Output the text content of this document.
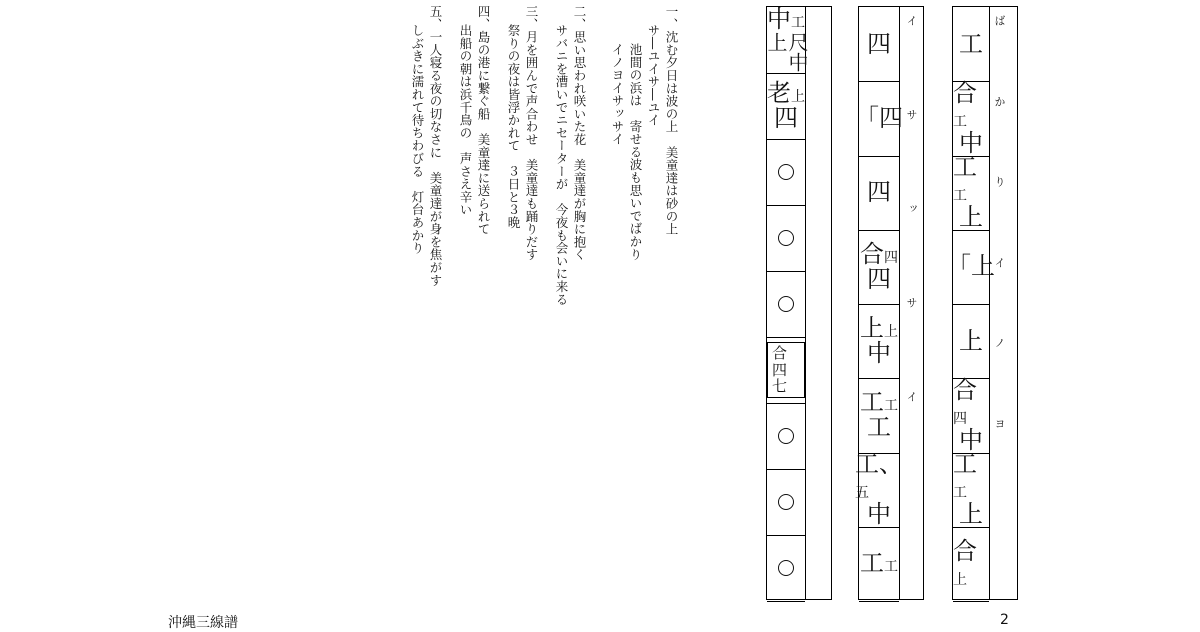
一、沈む夕日は波の上　美童達は砂の上
サ―ユイサ―ユイ
池間の浜は　寄せる波も思いでばかり
イノヨイサッサイ
二、思い思われ咲いた花　美童達が胸に抱く
サバニを漕いでニセーターが　今夜も会いに来る
三、月を囲んで声合わせ　美童達も踊りだす
祭りの夜は皆浮かれて　３日と３晩
四、島の港に繋ぐ船　美童達に送られて
出船の朝は浜千鳥の　声さえ辛い
五、一人寝る夜の切なさに　美童達が身を焦がす
しぶきに濡れて待ちわびる　灯台あかり	工
合工
中
工工
上
「上
上
合四
中
工工
上
合上
ば
か
り
イ
ノ
ヨ
四
「四
四
合四
四
上上
中
工工
工
工、五
中
工工
イ
サ
ッ
サ
イ
中工
尺中上
老上
四
合四
七
沖縄三線譜	2
